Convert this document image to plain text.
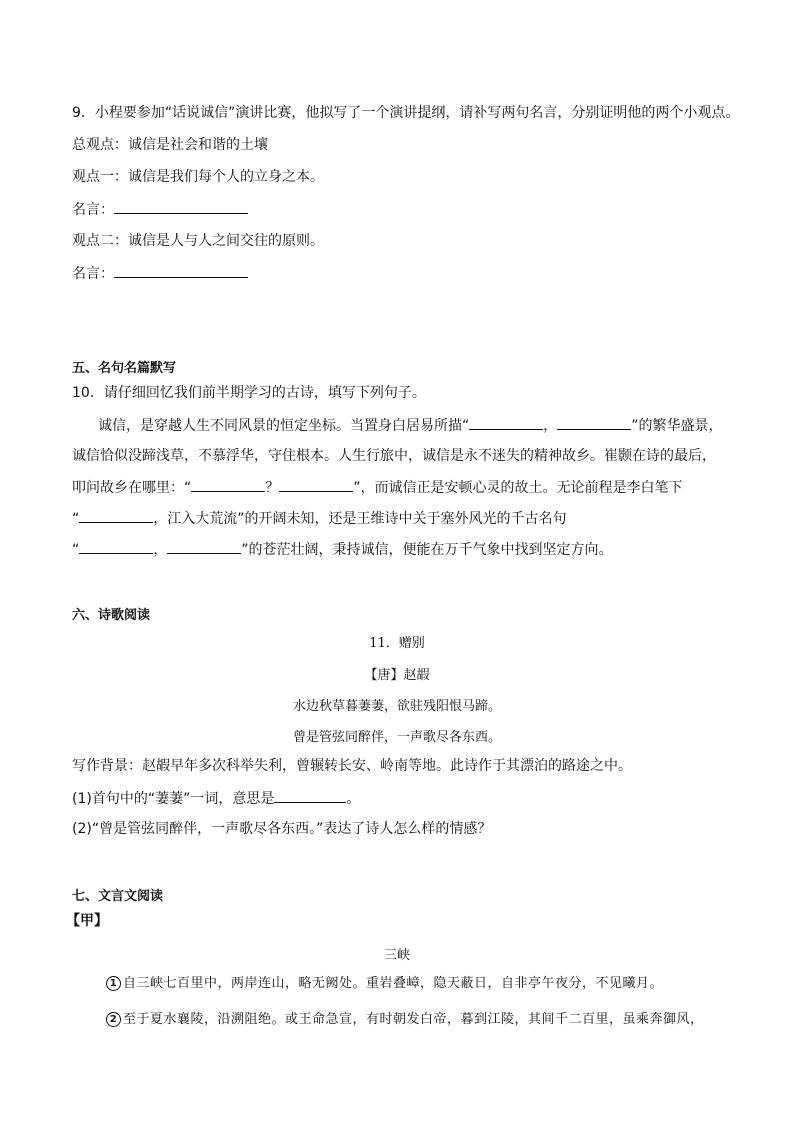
9．小程要参加“话说诚信”演讲比赛，他拟写了一个演讲提纲，请补写两句名言，分别证明他的两个小观点。
总观点：诚信是社会和谐的土壤
观点一：诚信是我们每个人的立身之本。
名言：
观点二：诚信是人与人之间交往的原则。
名言：
五、名句名篇默写
10．请仔细回忆我们前半期学习的古诗，填写下列句子。
诚信，是穿越人生不同风景的恒定坐标。当置身白居易所描“	，	”的繁华盛景，
诚信恰似没蹄浅草，不慕浮华，守住根本。人生行旅中，诚信是永不迷失的精神故乡。崔颢在诗的最后，
叩问故乡在哪里：“	？	”，而诚信正是安顿心灵的故土。无论前程是李白笔下
“	，江入大荒流”的开阔未知，还是王维诗中关于塞外风光的千古名句
“	，	”的苍茫壮阔，秉持诚信，便能在万千气象中找到坚定方向。
六、诗歌阅读
11．赠别
【唐】赵嘏
水边秋草暮萋萋，欲驻残阳恨马蹄。
曾是管弦同醉伴，一声歌尽各东西。
写作背景：赵嘏早年多次科举失利，曾辗转长安、岭南等地。此诗作于其漂泊的路途之中。
(1)首句中的“萋萋”一词，意思是	。
(2)“曾是管弦同醉伴，一声歌尽各东西。”表达了诗人怎么样的情感？
七、文言文阅读
【甲】
三峡
1 自三峡七百里中，两岸连山，略无阙处。重岩叠嶂，隐天蔽日，自非亭午夜分，不见曦月。
2 至于夏水襄陵，沿溯阻绝。或王命急宣，有时朝发白帝，暮到江陵，其间千二百里，虽乘奔御风，
